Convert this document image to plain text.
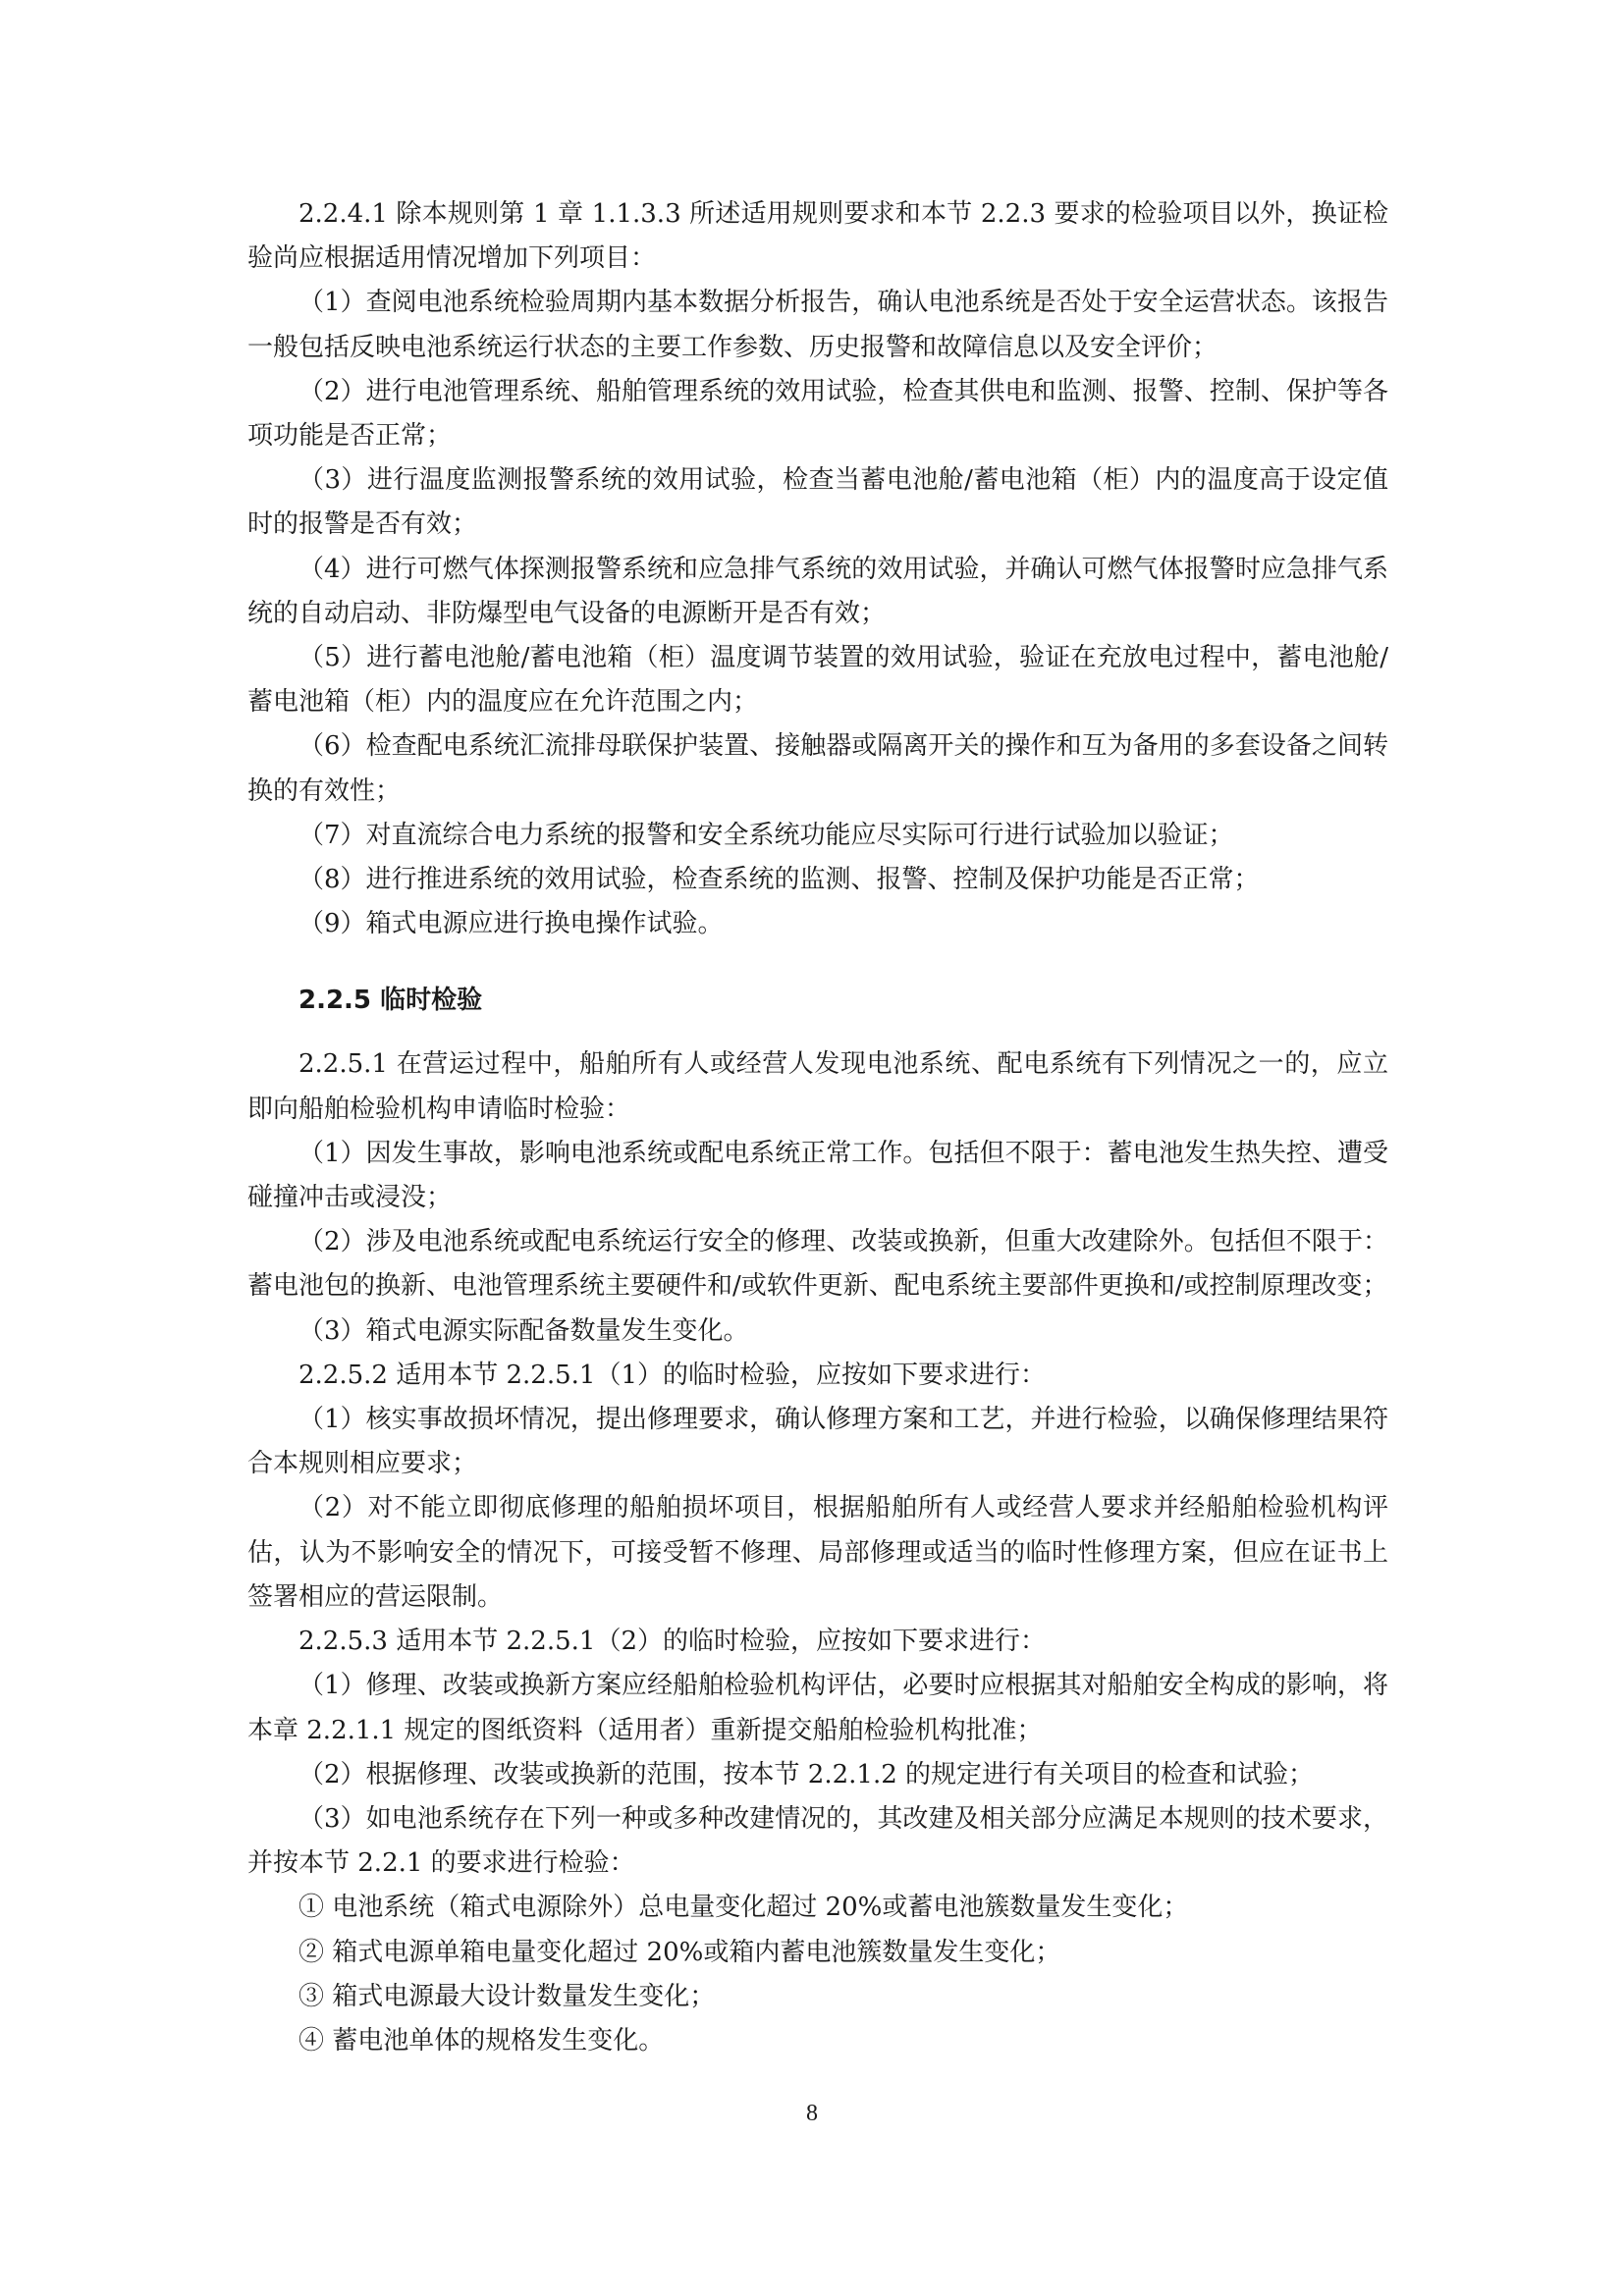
2.2.4.1 除本规则第 1 章 1.1.3.3 所述适用规则要求和本节 2.2.3 要求的检验项目以外，换证检验尚应根据适用情况增加下列项目：

（1）查阅电池系统检验周期内基本数据分析报告，确认电池系统是否处于安全运营状态。该报告一般包括反映电池系统运行状态的主要工作参数、历史报警和故障信息以及安全评价；

（2）进行电池管理系统、船舶管理系统的效用试验，检查其供电和监测、报警、控制、保护等各项功能是否正常；

（3）进行温度监测报警系统的效用试验，检查当蓄电池舱/蓄电池箱（柜）内的温度高于设定值时的报警是否有效；

（4）进行可燃气体探测报警系统和应急排气系统的效用试验，并确认可燃气体报警时应急排气系统的自动启动、非防爆型电气设备的电源断开是否有效；

（5）进行蓄电池舱/蓄电池箱（柜）温度调节装置的效用试验，验证在充放电过程中，蓄电池舱/蓄电池箱（柜）内的温度应在允许范围之内；

（6）检查配电系统汇流排母联保护装置、接触器或隔离开关的操作和互为备用的多套设备之间转换的有效性；

（7）对直流综合电力系统的报警和安全系统功能应尽实际可行进行试验加以验证；

（8）进行推进系统的效用试验，检查系统的监测、报警、控制及保护功能是否正常；

（9）箱式电源应进行换电操作试验。

2.2.5 临时检验

2.2.5.1 在营运过程中，船舶所有人或经营人发现电池系统、配电系统有下列情况之一的，应立即向船舶检验机构申请临时检验：

（1）因发生事故，影响电池系统或配电系统正常工作。包括但不限于：蓄电池发生热失控、遭受碰撞冲击或浸没；

（2）涉及电池系统或配电系统运行安全的修理、改装或换新，但重大改建除外。包括但不限于：蓄电池包的换新、电池管理系统主要硬件和/或软件更新、配电系统主要部件更换和/或控制原理改变；

（3）箱式电源实际配备数量发生变化。

2.2.5.2 适用本节 2.2.5.1（1）的临时检验，应按如下要求进行：

（1）核实事故损坏情况，提出修理要求，确认修理方案和工艺，并进行检验，以确保修理结果符合本规则相应要求；

（2）对不能立即彻底修理的船舶损坏项目，根据船舶所有人或经营人要求并经船舶检验机构评估，认为不影响安全的情况下，可接受暂不修理、局部修理或适当的临时性修理方案，但应在证书上签署相应的营运限制。

2.2.5.3 适用本节 2.2.5.1（2）的临时检验，应按如下要求进行：

（1）修理、改装或换新方案应经船舶检验机构评估，必要时应根据其对船舶安全构成的影响，将本章 2.2.1.1 规定的图纸资料（适用者）重新提交船舶检验机构批准；

（2）根据修理、改装或换新的范围，按本节 2.2.1.2 的规定进行有关项目的检查和试验；

（3）如电池系统存在下列一种或多种改建情况的，其改建及相关部分应满足本规则的技术要求，并按本节 2.2.1 的要求进行检验：

① 电池系统（箱式电源除外）总电量变化超过 20%或蓄电池簇数量发生变化；

② 箱式电源单箱电量变化超过 20%或箱内蓄电池簇数量发生变化；

③ 箱式电源最大设计数量发生变化；

④ 蓄电池单体的规格发生变化。

8
